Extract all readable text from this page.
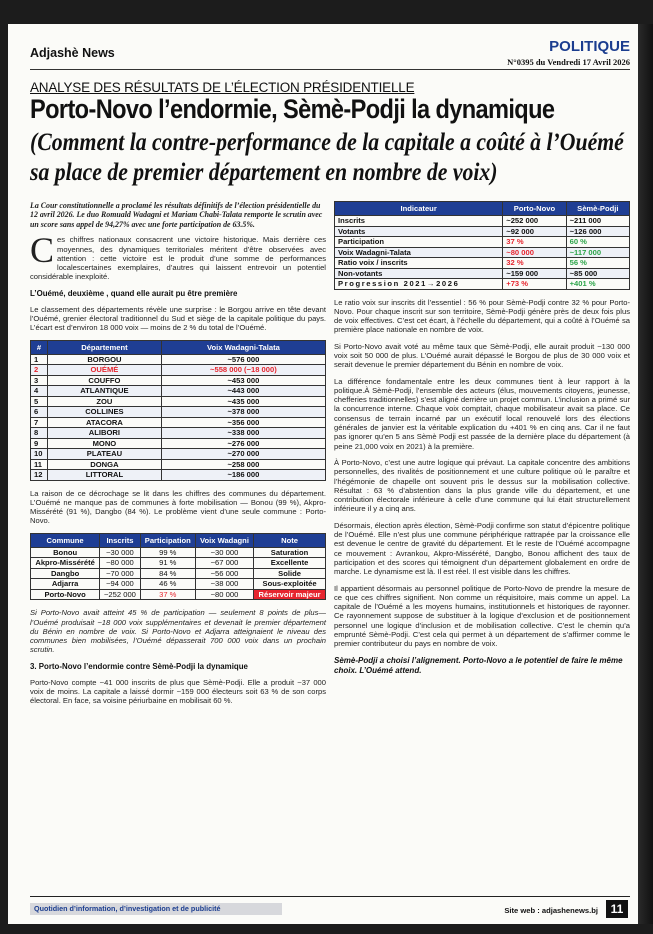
Adjashè News	POLITIQUE
N°0395 du Vendredi 17 Avril 2026
ANALYSE DES RÉSULTATS DE L’ÉLECTION PRÉSIDENTIELLE
Porto-Novo l’endormie, Sèmè-Podji la dynamique
(Comment la contre-performance de la capitale a coûté à l’Ouémé sa place de premier département en nombre de voix)

La Cour constitutionnelle a proclamé les résultats définitifs de l’élection présidentielle du 12 avril 2026. Le duo Romuald Wadagni et Mariam Chabi-Talata remporte le scrutin avec un score sans appel de 94,27% avec une forte participation de 63.5%.

Ces chiffres nationaux consacrent une victoire historique. Mais derrière ces moyennes, des dynamiques territoriales méritent d’être observées avec attention : cette victoire est le produit d’une somme de performances localescertaines exemplaires, d’autres qui laissent entrevoir un potentiel considérable inexploité.

L’Ouémé, deuxième , quand elle aurait pu être première

Le classement des départements révèle une surprise : le Borgou arrive en tête devant l’Ouémé, grenier électoral traditionnel du Sud et siège de la capitale politique du pays. L’écart est d’environ 18 000 voix — moins de 2 % du total de l’Ouémé.

#	Département	Voix Wadagni-Talata
1	BORGOU	~576 000
2	OUÉMÉ	~558 000 (−18 000)
3	COUFFO	~453 000
4	ATLANTIQUE	~443 000
5	ZOU	~435 000
6	COLLINES	~378 000
7	ATACORA	~356 000
8	ALIBORI	~338 000
9	MONO	~276 000
10	PLATEAU	~270 000
11	DONGA	~258 000
12	LITTORAL	~186 000

La raison de ce décrochage se lit dans les chiffres des communes du département. L’Ouémé ne manque pas de communes à forte mobilisation — Bonou (99 %), Akpro-Missérété (91 %), Dangbo (84 %). Le problème vient d’une seule commune : Porto-Novo.

Commune	Inscrits	Participation	Voix Wadagni	Note
Bonou	~30 000	99 %	~30 000	Saturation
Akpro-Missérété	~80 000	91 %	~67 000	Excellente
Dangbo	~70 000	84 %	~56 000	Solide
Adjarra	~94 000	46 %	~38 000	Sous-exploitée
Porto-Novo	~252 000	37 %	~80 000	Réservoir majeur

Si Porto-Novo avait atteint 45 % de participation — seulement 8 points de plus— l’Ouémé produisait ~18 000 voix supplémentaires et devenait le premier département du Bénin en nombre de voix. Si Porto-Novo et Adjarra atteignaient le niveau des communes bien mobilisées, l’Ouémé dépasserait 700 000 voix dans un prochain scrutin.

3. Porto-Novo l’endormie contre Sèmè-Podji la dynamique

Porto-Novo compte ~41 000 inscrits de plus que Sèmè-Podji. Elle a produit ~37 000 voix de moins. La capitale a laissé dormir ~159 000 électeurs soit 63 % de son corps électoral. En face, sa voisine périurbaine en mobilisait 60 %.

Indicateur	Porto-Novo	Sèmè-Podji
Inscrits	~252 000	~211 000
Votants	~92 000	~126 000
Participation	37 %	60 %
Voix Wadagni-Talata	~80 000	~117 000
Ratio voix / inscrits	32 %	56 %
Non-votants	~159 000	~85 000
Progression 2021→2026	+73 %	+401 %

Le ratio voix sur inscrits dit l’essentiel : 56 % pour Sèmè-Podji contre 32 % pour Porto-Novo. Pour chaque inscrit sur son territoire, Sèmè-Podji génère près de deux fois plus de voix effectives. C’est cet écart, à l’échelle du département, qui a coûté à l’Ouémé sa première place nationale en nombre de voix.

Si Porto-Novo avait voté au même taux que Sèmè-Podji, elle aurait produit ~130 000 voix soit 50 000 de plus. L’Ouémé aurait dépassé le Borgou de plus de 30 000 voix et serait devenue le premier département du Bénin en nombre de voix.

La différence fondamentale entre les deux communes tient à leur rapport à la politique.À Sèmè-Podji, l’ensemble des acteurs (élus, mouvements citoyens, jeunesse, chefferies traditionnelles) s’est aligné derrière un projet commun. L’inclusion a primé sur la concurrence interne. Chaque voix comptait, chaque mobilisateur avait sa place. Ce consensus de terrain incarné par un exécutif local renouvelé lors des élections générales de janvier est la véritable explication du +401 % en cinq ans. Car il ne faut pas ignorer qu’en 5 ans Sèmè Podji est passée de la dernière place du département (à peine 21,000 voix en 2021) à la première.

À Porto-Novo, c’est une autre logique qui prévaut. La capitale concentre des ambitions personnelles, des rivalités de positionnement et une culture politique où le paraître et l’hégémonie de chapelle ont souvent pris le dessus sur la mobilisation collective. Résultat : 63 % d’abstention dans la plus grande ville du département, et une contribution électorale inférieure à celle d’une commune qui lui était structurellement inférieure il y a cinq ans.

Désormais, élection après élection, Sèmè-Podji confirme son statut d’épicentre politique de l’Ouémé. Elle n’est plus une commune périphérique rattrapée par la croissance elle est devenue le centre de gravité du département. Et le reste de l’Ouémé accompagne ce mouvement : Avrankou, Akpro-Missérété, Dangbo, Bonou affichent des taux de participation et des scores qui témoignent d’un département globalement en ordre de marche. Le dynamisme est là. Il est réel. Il est visible dans les chiffres.

Il appartient désormais au personnel politique de Porto-Novo de prendre la mesure de ce que ces chiffres signifient. Non comme un réquisitoire, mais comme un appel. La capitale de l’Ouémé a les moyens humains, institutionnels et historiques de rayonner. Ce rayonnement suppose de substituer à la logique d’exclusion et de positionnement personnel une logique d’inclusion et de mobilisation collective. C’est le chemin qu’a emprunté Sèmè-Podji. C’est cela qui permet à un département de s’affirmer comme le premier contributeur du pays en nombre de voix.

Sèmè-Podji a choisi l’alignement. Porto-Novo a le potentiel de faire le même choix. L’Ouémé attend.

Quotidien d’information, d’investigation et de publicité	Site web : adjashenews.bj	11
